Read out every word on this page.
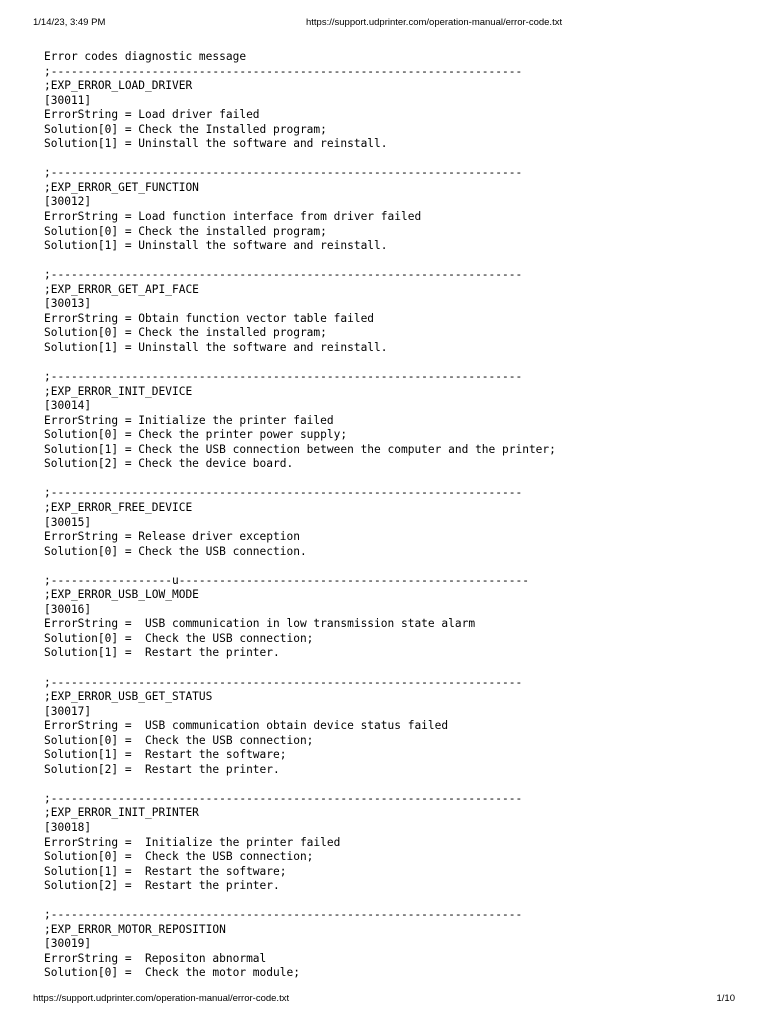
1/14/23, 3:49 PM	https://support.udprinter.com/operation-manual/error-code.txt
Error codes diagnostic message
;----------------------------------------------------------------------
;EXP_ERROR_LOAD_DRIVER
[30011]
ErrorString = Load driver failed
Solution[0] = Check the Installed program;
Solution[1] = Uninstall the software and reinstall.

;----------------------------------------------------------------------
;EXP_ERROR_GET_FUNCTION
[30012]
ErrorString = Load function interface from driver failed
Solution[0] = Check the installed program;
Solution[1] = Uninstall the software and reinstall.

;----------------------------------------------------------------------
;EXP_ERROR_GET_API_FACE
[30013]
ErrorString = Obtain function vector table failed
Solution[0] = Check the installed program;
Solution[1] = Uninstall the software and reinstall.

;----------------------------------------------------------------------
;EXP_ERROR_INIT_DEVICE
[30014]
ErrorString = Initialize the printer failed
Solution[0] = Check the printer power supply;
Solution[1] = Check the USB connection between the computer and the printer;
Solution[2] = Check the device board.

;----------------------------------------------------------------------
;EXP_ERROR_FREE_DEVICE
[30015]
ErrorString = Release driver exception
Solution[0] = Check the USB connection.

;------------------u----------------------------------------------------
;EXP_ERROR_USB_LOW_MODE
[30016]
ErrorString =  USB communication in low transmission state alarm
Solution[0] =  Check the USB connection;
Solution[1] =  Restart the printer.

;----------------------------------------------------------------------
;EXP_ERROR_USB_GET_STATUS
[30017]
ErrorString =  USB communication obtain device status failed
Solution[0] =  Check the USB connection;
Solution[1] =  Restart the software;
Solution[2] =  Restart the printer.

;----------------------------------------------------------------------
;EXP_ERROR_INIT_PRINTER
[30018]
ErrorString =  Initialize the printer failed
Solution[0] =  Check the USB connection;
Solution[1] =  Restart the software;
Solution[2] =  Restart the printer.

;----------------------------------------------------------------------
;EXP_ERROR_MOTOR_REPOSITION
[30019]
ErrorString =  Repositon abnormal
Solution[0] =  Check the motor module;
https://support.udprinter.com/operation-manual/error-code.txt	1/10
